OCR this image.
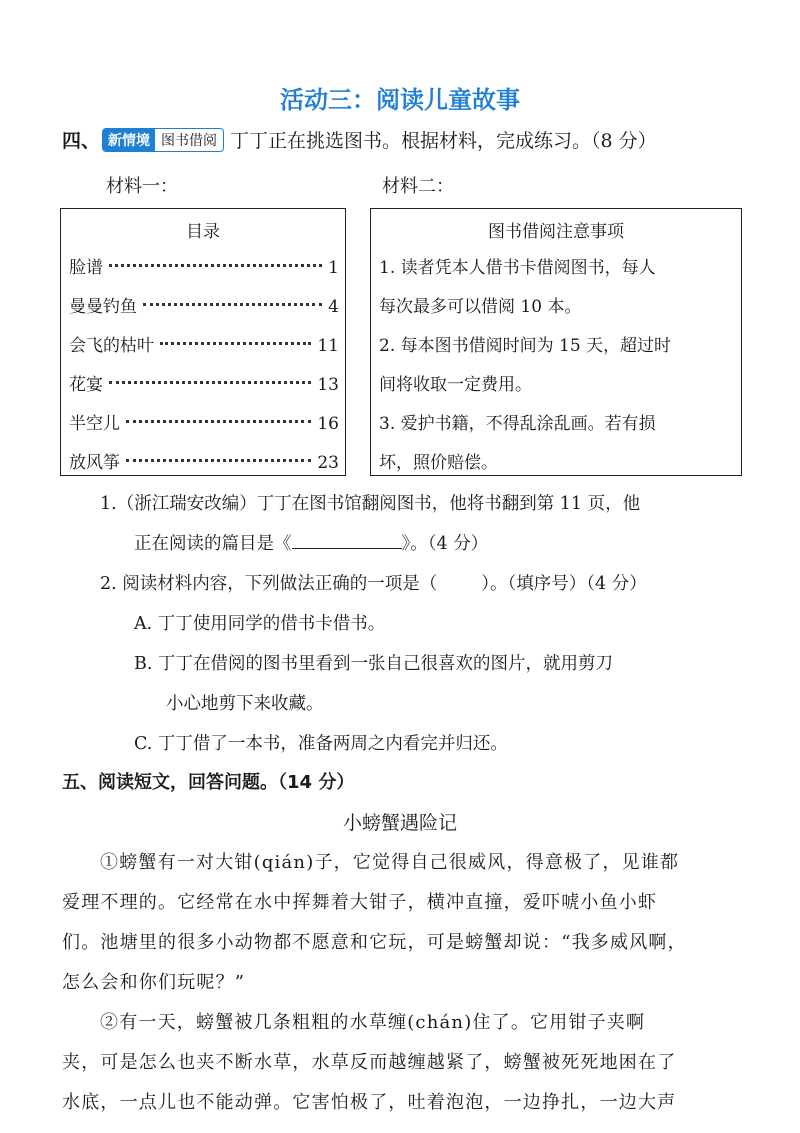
活动三：阅读儿童故事
四、 新情境 图书借阅 丁丁正在挑选图书。根据材料，完成练习。（8 分）
材料一：	材料二：
目录
脸谱	1
曼曼钓鱼	4
会飞的枯叶	11
花宴	13
半空儿	16
放风筝	23
图书借阅注意事项
1. 读者凭本人借书卡借阅图书，每人
每次最多可以借阅 10 本。
2. 每本图书借阅时间为 15 天，超过时
间将收取一定费用。
3. 爱护书籍，不得乱涂乱画。若有损
坏，照价赔偿。
1.（浙江瑞安改编）丁丁在图书馆翻阅图书，他将书翻到第 11 页，他
正在阅读的篇目是《	》。（4 分）
2. 阅读材料内容，下列做法正确的一项是（	）。（填序号）（4 分）
A. 丁丁使用同学的借书卡借书。
B. 丁丁在借阅的图书里看到一张自己很喜欢的图片，就用剪刀
小心地剪下来收藏。
C. 丁丁借了一本书，准备两周之内看完并归还。
五、阅读短文，回答问题。（14 分）
小螃蟹遇险记
①螃蟹有一对大钳(qián)子，它觉得自己很威风，得意极了，见谁都
爱理不理的。它经常在水中挥舞着大钳子，横冲直撞，爱吓唬小鱼小虾
们。池塘里的很多小动物都不愿意和它玩，可是螃蟹却说：“我多威风啊，
怎么会和你们玩呢？”
②有一天，螃蟹被几条粗粗的水草缠(chán)住了。它用钳子夹啊
夹，可是怎么也夹不断水草，水草反而越缠越紧了，螃蟹被死死地困在了
水底，一点儿也不能动弹。它害怕极了，吐着泡泡，一边挣扎，一边大声
